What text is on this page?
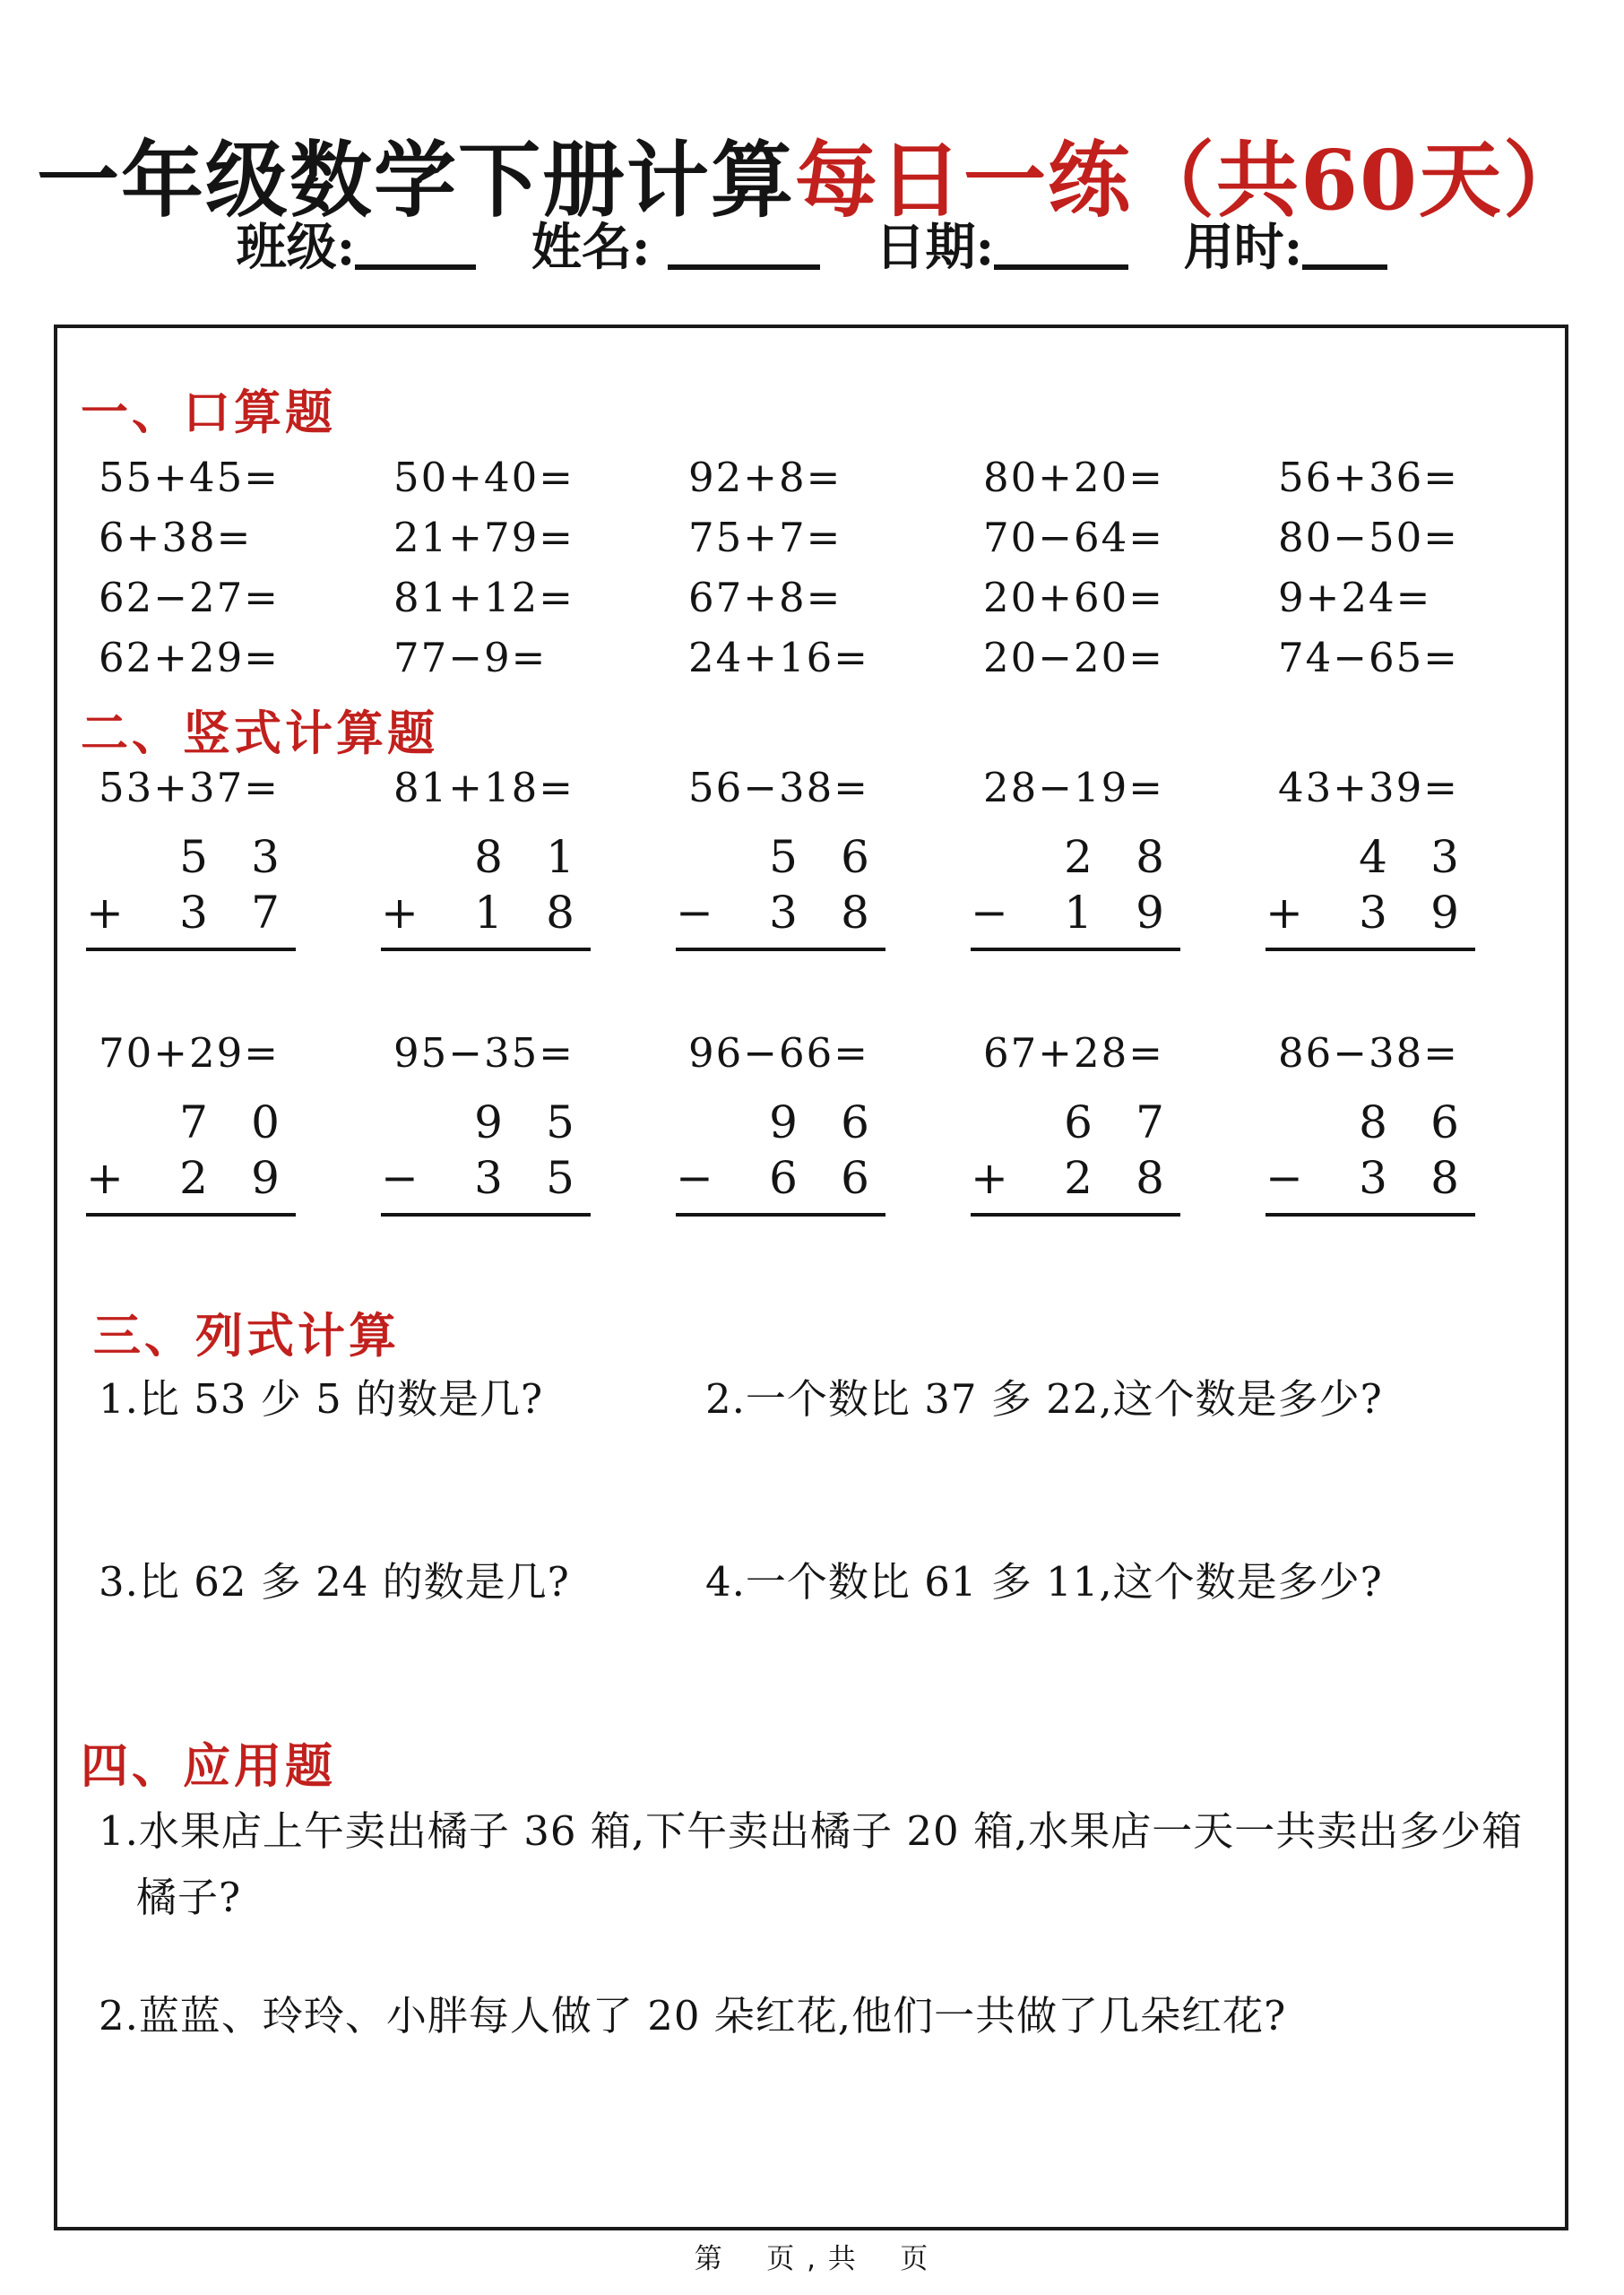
一年级数学下册计算每日一练（共60天）
班级:	姓名:	日期:	用时:
一、口算题
55+45=	50+40=	92+8=	80+20=	56+36=
6+38=	21+79=	75+7=	70−64=	80−50=
62−27=	81+12=	67+8=	20+60=	9+24=
62+29=	77−9=	24+16=	20−20=	74−65=
二、竖式计算题
53+37=
5 3
+	3 7
81+18=
8 1
+	1 8
56−38=
5 6
−	3 8
28−19=
2 8
−	1 9
43+39=
4 3
+	3 9
70+29=
7 0
+	2 9
95−35=
9 5
−	3 5
96−66=
9 6
−	6 6
67+28=
6 7
+	2 8
86−38=
8 6
−	3 8
三、列式计算
1.比 53 少 5 的数是几?	2.一个数比 37 多 22,这个数是多少?
3.比 62 多 24 的数是几?	4.一个数比 61 多 11,这个数是多少?
四、应用题
1.水果店上午卖出橘子 36 箱,下午卖出橘子 20 箱,水果店一天一共卖出多少箱橘子?
2.蓝蓝、玲玲、小胖每人做了 20 朵红花,他们一共做了几朵红花?
第    页 , 共    页
